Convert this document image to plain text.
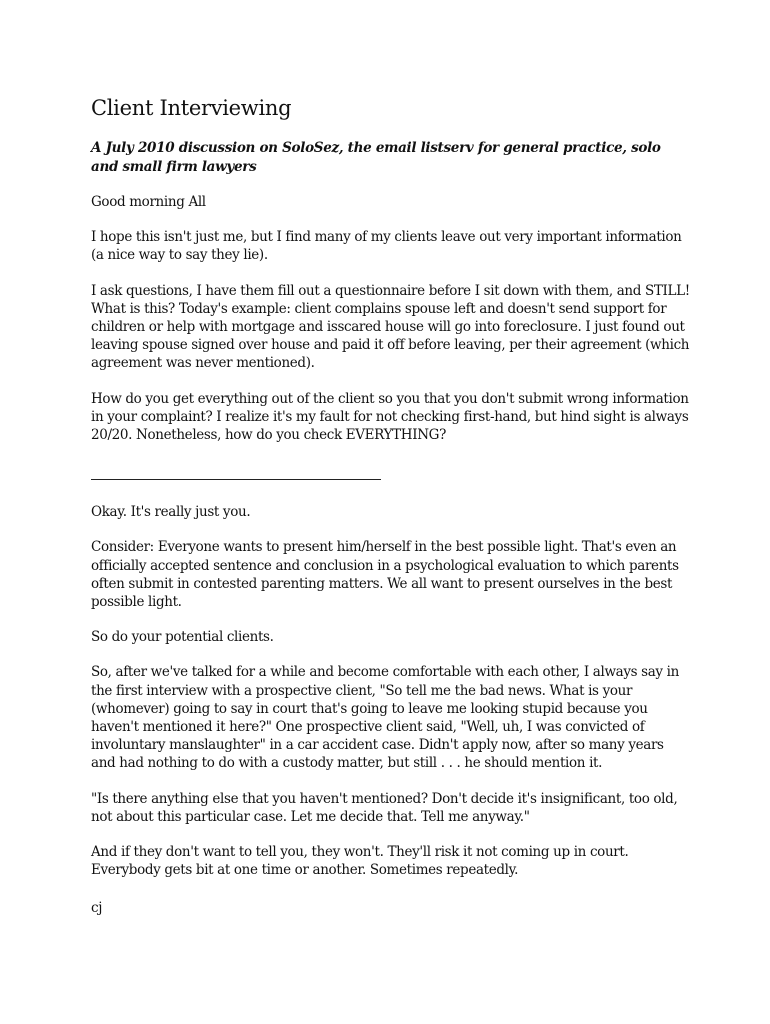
Client Interviewing

A July 2010 discussion on SoloSez, the email listserv for general practice, solo and small firm lawyers

Good morning All

I hope this isn't just me, but I find many of my clients leave out very important information (a nice way to say they lie).

I ask questions, I have them fill out a questionnaire before I sit down with them, and STILL! What is this? Today's example: client complains spouse left and doesn't send support for children or help with mortgage and isscared house will go into foreclosure. I just found out leaving spouse signed over house and paid it off before leaving, per their agreement (which agreement was never mentioned).

How do you get everything out of the client so you that you don't submit wrong information in your complaint? I realize it's my fault for not checking first-hand, but hind sight is always 20/20. Nonetheless, how do you check EVERYTHING?

Okay. It's really just you.

Consider: Everyone wants to present him/herself in the best possible light. That's even an officially accepted sentence and conclusion in a psychological evaluation to which parents often submit in contested parenting matters. We all want to present ourselves in the best possible light.

So do your potential clients.

So, after we've talked for a while and become comfortable with each other, I always say in the first interview with a prospective client, "So tell me the bad news. What is your (whomever) going to say in court that's going to leave me looking stupid because you haven't mentioned it here?" One prospective client said, "Well, uh, I was convicted of involuntary manslaughter" in a car accident case. Didn't apply now, after so many years and had nothing to do with a custody matter, but still . . . he should mention it.

"Is there anything else that you haven't mentioned? Don't decide it's insignificant, too old, not about this particular case. Let me decide that. Tell me anyway."

And if they don't want to tell you, they won't. They'll risk it not coming up in court. Everybody gets bit at one time or another. Sometimes repeatedly.

cj
